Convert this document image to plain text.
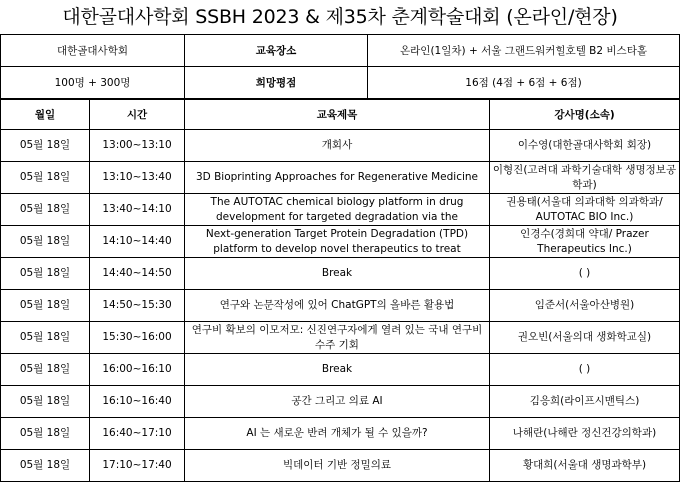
대한골대사학회 SSBH 2023 & 제35차 춘계학술대회 (온라인/현장)
대한골대사학회	교육장소	온라인(1일차) + 서울 그랜드워커힐호텔 B2 비스타홀
100명 + 300명	희망평점	16점 (4점 + 6점 + 6점)
월일	시간	교육제목	강사명(소속)
05월 18일	13:00~13:10	개회사	이수영(대한골대사학회 회장)

05월 18일	13:10~13:40	3D Bioprinting Approaches for Regenerative Medicine	이형진(고려대 과학기술대학 생명정보공학과)

05월 18일	13:40~14:10	The AUTOTAC chemical biology platform in drug development for targeted degradation via the	권용태(서울대 의과대학 의과학과/ AUTOTAC BIO Inc.)

05월 18일	14:10~14:40	Next-generation Target Protein Degradation (TPD) platform to develop novel therapeutics to treat	인경수(경희대 약대/ Prazer Therapeutics Inc.)

05월 18일	14:40~14:50	Break	( )

05월 18일	14:50~15:30	연구와 논문작성에 있어 ChatGPT의 올바른 활용법	임준서(서울아산병원)

05월 18일	15:30~16:00	연구비 확보의 이모저모: 신진연구자에게 열려 있는 국내 연구비 수주 기회	권오빈(서울의대 생화학교실)

05월 18일	16:00~16:10	Break	( )

05월 18일	16:10~16:40	공간 그리고 의료 AI	김응희(라이프시맨틱스)

05월 18일	16:40~17:10	AI 는 새로운 반려 개체가 될 수 있을까?	나해란(나해란 정신건강의학과)

05월 18일	17:10~17:40	빅데이터 기반 정밀의료	황대희(서울대 생명과학부)
